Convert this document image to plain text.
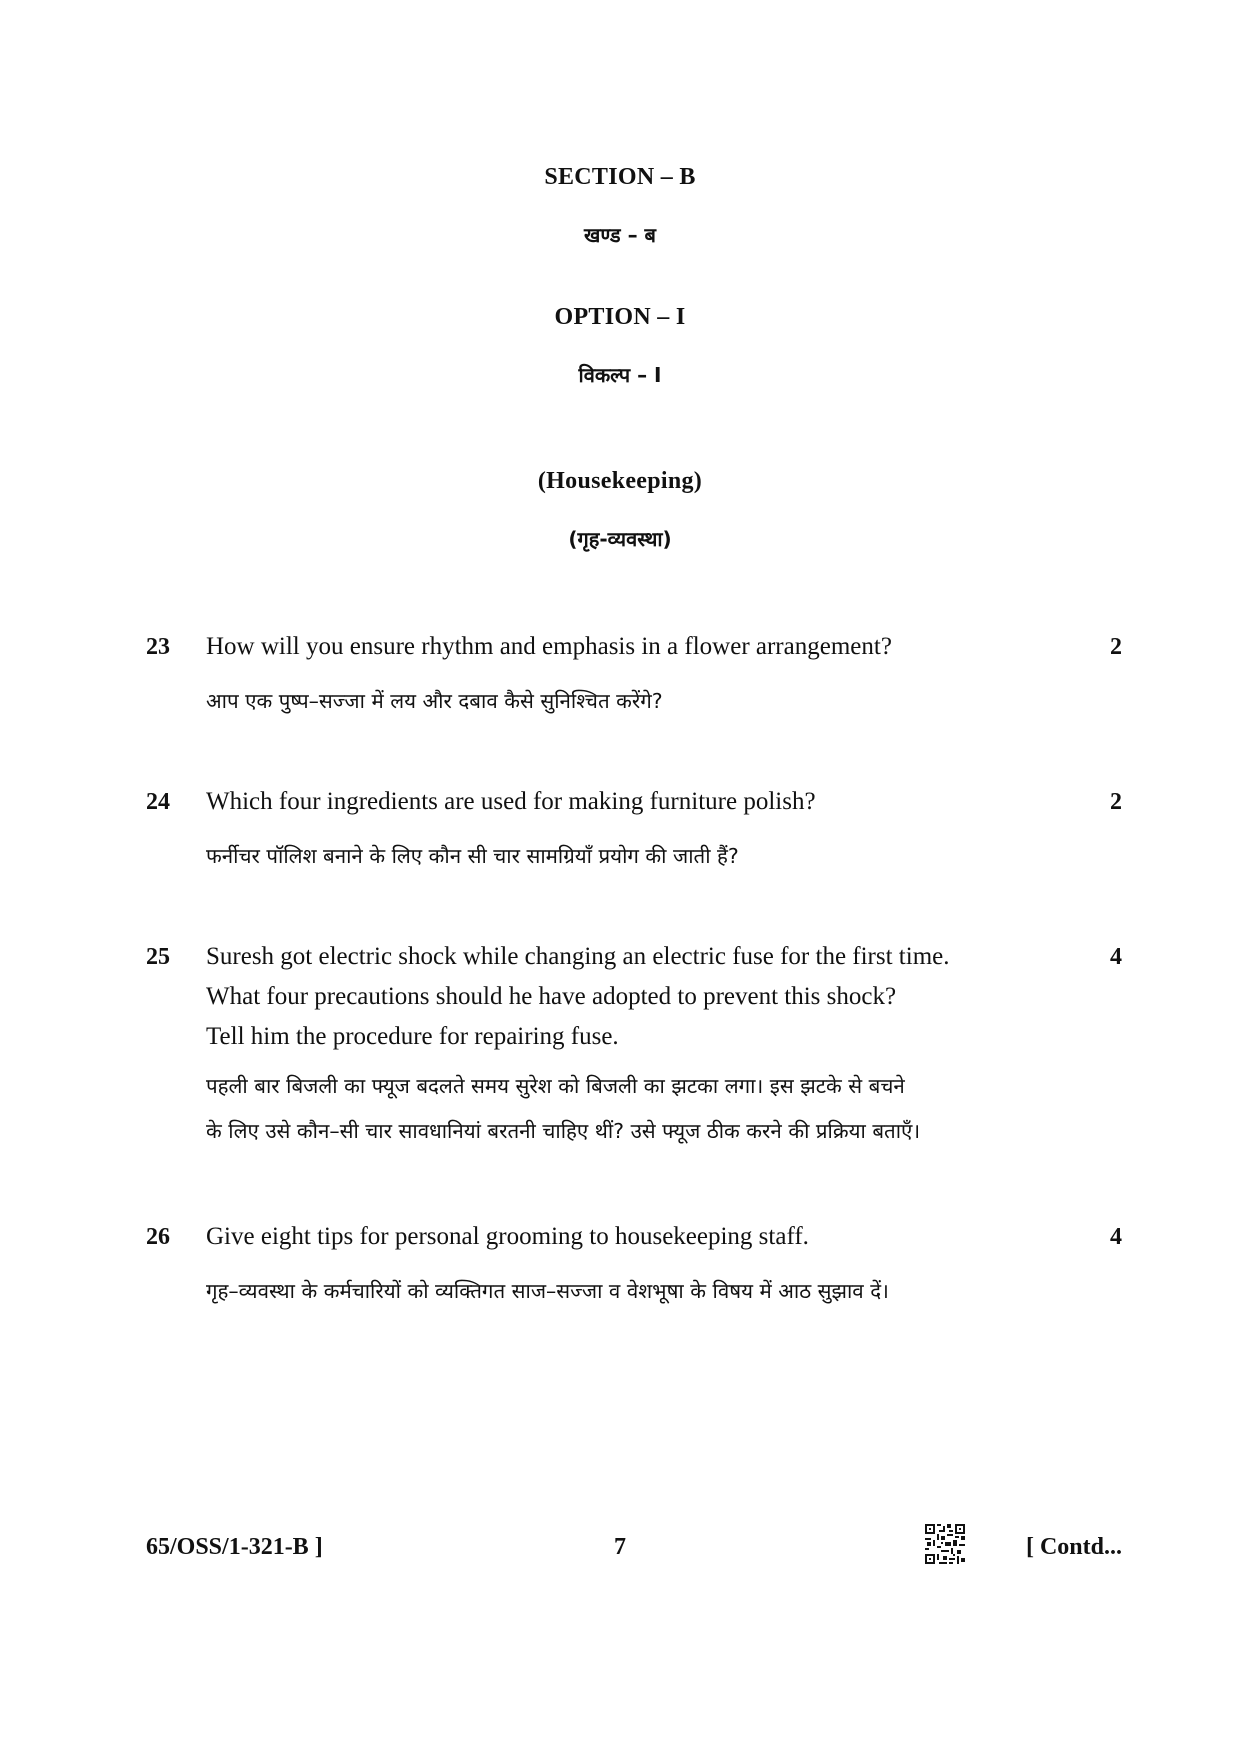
SECTION – B
खण्ड – ब
OPTION – I
विकल्प – I
(Housekeeping)
(गृह-व्यवस्था)
23 How will you ensure rhythm and emphasis in a flower arrangement?	2
आप एक पुष्प–सज्जा में लय और दबाव कैसे सुनिश्चित करेंगे?
24 Which four ingredients are used for making furniture polish?	2
फर्नीचर पॉलिश बनाने के लिए कौन सी चार सामग्रियाँ प्रयोग की जाती हैं?
25 Suresh got electric shock while changing an electric fuse for the first time.	4
What four precautions should he have adopted to prevent this shock?
Tell him the procedure for repairing fuse.
पहली बार बिजली का फ्यूज बदलते समय सुरेश को बिजली का झटका लगा। इस झटके से बचने
के लिए उसे कौन–सी चार सावधानियां बरतनी चाहिए थीं? उसे फ्यूज ठीक करने की प्रक्रिया बताएँ।
26 Give eight tips for personal grooming to housekeeping staff.	4
गृह–व्यवस्था के कर्मचारियों को व्यक्तिगत साज–सज्जा व वेशभूषा के विषय में आठ सुझाव दें।
65/OSS/1-321-B ]	7	[ Contd...
